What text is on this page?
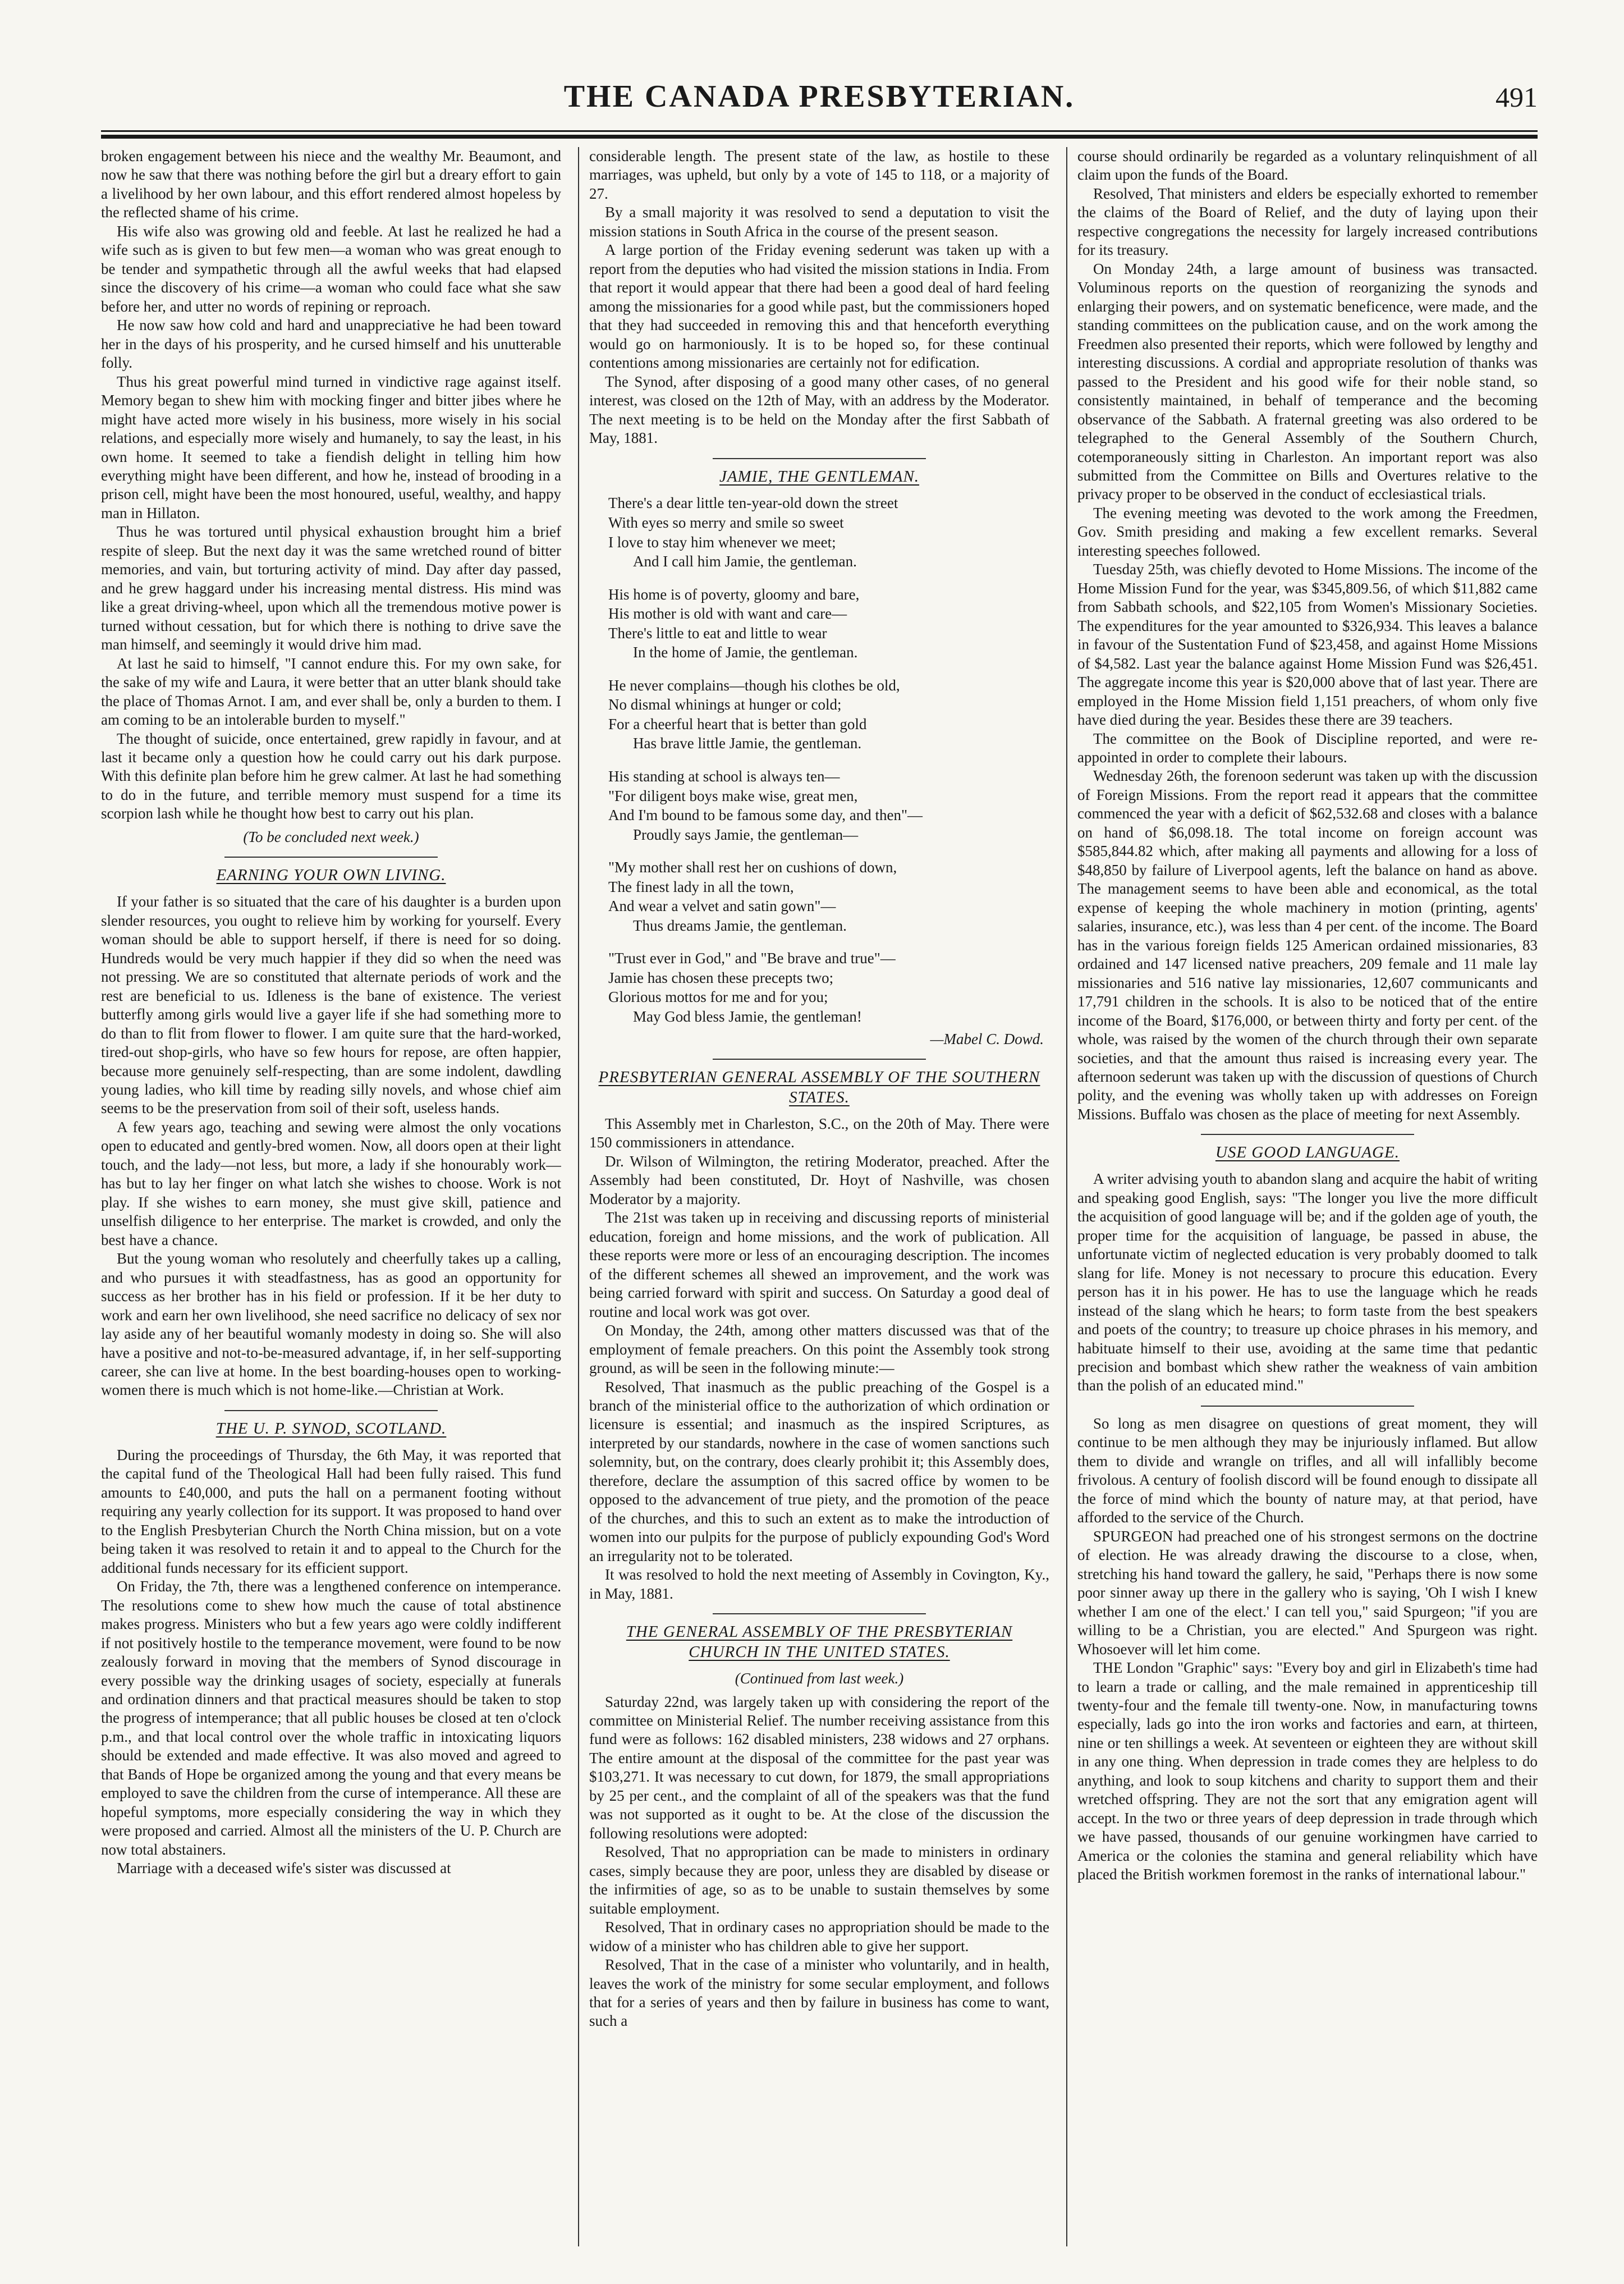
THE CANADA PRESBYTERIAN.	491

broken engagement between his niece and the wealthy Mr. Beaumont, and now he saw that there was nothing before the girl but a dreary effort to gain a livelihood by her own labour, and this effort rendered almost hopeless by the reflected shame of his crime.

His wife also was growing old and feeble. At last he realized he had a wife such as is given to but few men—a woman who was great enough to be tender and sympathetic through all the awful weeks that had elapsed since the discovery of his crime—a woman who could face what she saw before her, and utter no words of repining or reproach.

He now saw how cold and hard and unappreciative he had been toward her in the days of his prosperity, and he cursed himself and his unutterable folly.

Thus his great powerful mind turned in vindictive rage against itself. Memory began to shew him with mocking finger and bitter jibes where he might have acted more wisely in his business, more wisely in his social relations, and especially more wisely and humanely, to say the least, in his own home. It seemed to take a fiendish delight in telling him how everything might have been different, and how he, instead of brooding in a prison cell, might have been the most honoured, useful, wealthy, and happy man in Hillaton.

Thus he was tortured until physical exhaustion brought him a brief respite of sleep. But the next day it was the same wretched round of bitter memories, and vain, but torturing activity of mind. Day after day passed, and he grew haggard under his increasing mental distress. His mind was like a great driving-wheel, upon which all the tremendous motive power is turned without cessation, but for which there is nothing to drive save the man himself, and seemingly it would drive him mad.

At last he said to himself, "I cannot endure this. For my own sake, for the sake of my wife and Laura, it were better that an utter blank should take the place of Thomas Arnot. I am, and ever shall be, only a burden to them. I am coming to be an intolerable burden to myself."

The thought of suicide, once entertained, grew rapidly in favour, and at last it became only a question how he could carry out his dark purpose. With this definite plan before him he grew calmer. At last he had something to do in the future, and terrible memory must suspend for a time its scorpion lash while he thought how best to carry out his plan.

(To be concluded next week.)
EARNING YOUR OWN LIVING.

If your father is so situated that the care of his daughter is a burden upon slender resources, you ought to relieve him by working for yourself. Every woman should be able to support herself, if there is need for so doing. Hundreds would be very much happier if they did so when the need was not pressing. We are so constituted that alternate periods of work and the rest are beneficial to us. Idleness is the bane of existence. The veriest butterfly among girls would live a gayer life if she had something more to do than to flit from flower to flower. I am quite sure that the hard-worked, tired-out shop-girls, who have so few hours for repose, are often happier, because more genuinely self-respecting, than are some indolent, dawdling young ladies, who kill time by reading silly novels, and whose chief aim seems to be the preservation from soil of their soft, useless hands.

A few years ago, teaching and sewing were almost the only vocations open to educated and gently-bred women. Now, all doors open at their light touch, and the lady—not less, but more, a lady if she honourably work—has but to lay her finger on what latch she wishes to choose. Work is not play. If she wishes to earn money, she must give skill, patience and unselfish diligence to her enterprise. The market is crowded, and only the best have a chance.

But the young woman who resolutely and cheerfully takes up a calling, and who pursues it with steadfastness, has as good an opportunity for success as her brother has in his field or profession. If it be her duty to work and earn her own livelihood, she need sacrifice no delicacy of sex nor lay aside any of her beautiful womanly modesty in doing so. She will also have a positive and not-to-be-measured advantage, if, in her self-supporting career, she can live at home. In the best boarding-houses open to working-women there is much which is not home-like.—Christian at Work.

THE U. P. SYNOD, SCOTLAND.

During the proceedings of Thursday, the 6th May, it was reported that the capital fund of the Theological Hall had been fully raised. This fund amounts to £40,000, and puts the hall on a permanent footing without requiring any yearly collection for its support. It was proposed to hand over to the English Presbyterian Church the North China mission, but on a vote being taken it was resolved to retain it and to appeal to the Church for the additional funds necessary for its efficient support.

On Friday, the 7th, there was a lengthened conference on intemperance. The resolutions come to shew how much the cause of total abstinence makes progress. Ministers who but a few years ago were coldly indifferent if not positively hostile to the temperance movement, were found to be now zealously forward in moving that the members of Synod discourage in every possible way the drinking usages of society, especially at funerals and ordination dinners and that practical measures should be taken to stop the progress of intemperance; that all public houses be closed at ten o'clock p.m., and that local control over the whole traffic in intoxicating liquors should be extended and made effective. It was also moved and agreed to that Bands of Hope be organized among the young and that every means be employed to save the children from the curse of intemperance. All these are hopeful symptoms, more especially considering the way in which they were proposed and carried. Almost all the ministers of the U. P. Church are now total abstainers.

Marriage with a deceased wife's sister was discussed at

considerable length. The present state of the law, as hostile to these marriages, was upheld, but only by a vote of 145 to 118, or a majority of 27.

By a small majority it was resolved to send a deputation to visit the mission stations in South Africa in the course of the present season.

A large portion of the Friday evening sederunt was taken up with a report from the deputies who had visited the mission stations in India. From that report it would appear that there had been a good deal of hard feeling among the missionaries for a good while past, but the commissioners hoped that they had succeeded in removing this and that henceforth everything would go on harmoniously. It is to be hoped so, for these continual contentions among missionaries are certainly not for edification.

The Synod, after disposing of a good many other cases, of no general interest, was closed on the 12th of May, with an address by the Moderator. The next meeting is to be held on the Monday after the first Sabbath of May, 1881.

JAMIE, THE GENTLEMAN.
There's a dear little ten-year-old down the street
With eyes so merry and smile so sweet
I love to stay him whenever we meet;
And I call him Jamie, the gentleman.
His home is of poverty, gloomy and bare,
His mother is old with want and care—
There's little to eat and little to wear
In the home of Jamie, the gentleman.
He never complains—though his clothes be old,
No dismal whinings at hunger or cold;
For a cheerful heart that is better than gold
Has brave little Jamie, the gentleman.
His standing at school is always ten—
"For diligent boys make wise, great men,
And I'm bound to be famous some day, and then"—
Proudly says Jamie, the gentleman—
"My mother shall rest her on cushions of down,
The finest lady in all the town,
And wear a velvet and satin gown"—
Thus dreams Jamie, the gentleman.
"Trust ever in God," and "Be brave and true"—
Jamie has chosen these precepts two;
Glorious mottos for me and for you;
May God bless Jamie, the gentleman!
—Mabel C. Dowd.
PRESBYTERIAN GENERAL ASSEMBLY OF THE SOUTHERN STATES.

This Assembly met in Charleston, S.C., on the 20th of May. There were 150 commissioners in attendance.

Dr. Wilson of Wilmington, the retiring Moderator, preached. After the Assembly had been constituted, Dr. Hoyt of Nashville, was chosen Moderator by a majority.

The 21st was taken up in receiving and discussing reports of ministerial education, foreign and home missions, and the work of publication. All these reports were more or less of an encouraging description. The incomes of the different schemes all shewed an improvement, and the work was being carried forward with spirit and success. On Saturday a good deal of routine and local work was got over.

On Monday, the 24th, among other matters discussed was that of the employment of female preachers. On this point the Assembly took strong ground, as will be seen in the following minute:—

Resolved, That inasmuch as the public preaching of the Gospel is a branch of the ministerial office to the authorization of which ordination or licensure is essential; and inasmuch as the inspired Scriptures, as interpreted by our standards, nowhere in the case of women sanctions such solemnity, but, on the contrary, does clearly prohibit it; this Assembly does, therefore, declare the assumption of this sacred office by women to be opposed to the advancement of true piety, and the promotion of the peace of the churches, and this to such an extent as to make the introduction of women into our pulpits for the purpose of publicly expounding God's Word an irregularity not to be tolerated.

It was resolved to hold the next meeting of Assembly in Covington, Ky., in May, 1881.

THE GENERAL ASSEMBLY OF THE PRESBYTERIAN CHURCH IN THE UNITED STATES.
(Continued from last week.)

Saturday 22nd, was largely taken up with considering the report of the committee on Ministerial Relief. The number receiving assistance from this fund were as follows: 162 disabled ministers, 238 widows and 27 orphans. The entire amount at the disposal of the committee for the past year was $103,271. It was necessary to cut down, for 1879, the small appropriations by 25 per cent., and the complaint of all of the speakers was that the fund was not supported as it ought to be. At the close of the discussion the following resolutions were adopted:

Resolved, That no appropriation can be made to ministers in ordinary cases, simply because they are poor, unless they are disabled by disease or the infirmities of age, so as to be unable to sustain themselves by some suitable employment.

Resolved, That in ordinary cases no appropriation should be made to the widow of a minister who has children able to give her support.

Resolved, That in the case of a minister who voluntarily, and in health, leaves the work of the ministry for some secular employment, and follows that for a series of years and then by failure in business has come to want, such a

course should ordinarily be regarded as a voluntary relinquishment of all claim upon the funds of the Board.

Resolved, That ministers and elders be especially exhorted to remember the claims of the Board of Relief, and the duty of laying upon their respective congregations the necessity for largely increased contributions for its treasury.

On Monday 24th, a large amount of business was transacted. Voluminous reports on the question of reorganizing the synods and enlarging their powers, and on systematic beneficence, were made, and the standing committees on the publication cause, and on the work among the Freedmen also presented their reports, which were followed by lengthy and interesting discussions. A cordial and appropriate resolution of thanks was passed to the President and his good wife for their noble stand, so consistently maintained, in behalf of temperance and the becoming observance of the Sabbath. A fraternal greeting was also ordered to be telegraphed to the General Assembly of the Southern Church, cotemporaneously sitting in Charleston. An important report was also submitted from the Committee on Bills and Overtures relative to the privacy proper to be observed in the conduct of ecclesiastical trials.

The evening meeting was devoted to the work among the Freedmen, Gov. Smith presiding and making a few excellent remarks. Several interesting speeches followed.

Tuesday 25th, was chiefly devoted to Home Missions. The income of the Home Mission Fund for the year, was $345,809.56, of which $11,882 came from Sabbath schools, and $22,105 from Women's Missionary Societies. The expenditures for the year amounted to $326,934. This leaves a balance in favour of the Sustentation Fund of $23,458, and against Home Missions of $4,582. Last year the balance against Home Mission Fund was $26,451. The aggregate income this year is $20,000 above that of last year. There are employed in the Home Mission field 1,151 preachers, of whom only five have died during the year. Besides these there are 39 teachers.

The committee on the Book of Discipline reported, and were re-appointed in order to complete their labours.

Wednesday 26th, the forenoon sederunt was taken up with the discussion of Foreign Missions. From the report read it appears that the committee commenced the year with a deficit of $62,532.68 and closes with a balance on hand of $6,098.18. The total income on foreign account was $585,844.82 which, after making all payments and allowing for a loss of $48,850 by failure of Liverpool agents, left the balance on hand as above. The management seems to have been able and economical, as the total expense of keeping the whole machinery in motion (printing, agents' salaries, insurance, etc.), was less than 4 per cent. of the income. The Board has in the various foreign fields 125 American ordained missionaries, 83 ordained and 147 licensed native preachers, 209 female and 11 male lay missionaries and 516 native lay missionaries, 12,607 communicants and 17,791 children in the schools. It is also to be noticed that of the entire income of the Board, $176,000, or between thirty and forty per cent. of the whole, was raised by the women of the church through their own separate societies, and that the amount thus raised is increasing every year. The afternoon sederunt was taken up with the discussion of questions of Church polity, and the evening was wholly taken up with addresses on Foreign Missions. Buffalo was chosen as the place of meeting for next Assembly.

USE GOOD LANGUAGE.

A writer advising youth to abandon slang and acquire the habit of writing and speaking good English, says: "The longer you live the more difficult the acquisition of good language will be; and if the golden age of youth, the proper time for the acquisition of language, be passed in abuse, the unfortunate victim of neglected education is very probably doomed to talk slang for life. Money is not necessary to procure this education. Every person has it in his power. He has to use the language which he reads instead of the slang which he hears; to form taste from the best speakers and poets of the country; to treasure up choice phrases in his memory, and habituate himself to their use, avoiding at the same time that pedantic precision and bombast which shew rather the weakness of vain ambition than the polish of an educated mind."

So long as men disagree on questions of great moment, they will continue to be men although they may be injuriously inflamed. But allow them to divide and wrangle on trifles, and all will infallibly become frivolous. A century of foolish discord will be found enough to dissipate all the force of mind which the bounty of nature may, at that period, have afforded to the service of the Church.

SPURGEON had preached one of his strongest sermons on the doctrine of election. He was already drawing the discourse to a close, when, stretching his hand toward the gallery, he said, "Perhaps there is now some poor sinner away up there in the gallery who is saying, 'Oh I wish I knew whether I am one of the elect.' I can tell you," said Spurgeon; "if you are willing to be a Christian, you are elected." And Spurgeon was right. Whosoever will let him come.

THE London "Graphic" says: "Every boy and girl in Elizabeth's time had to learn a trade or calling, and the male remained in apprenticeship till twenty-four and the female till twenty-one. Now, in manufacturing towns especially, lads go into the iron works and factories and earn, at thirteen, nine or ten shillings a week. At seventeen or eighteen they are without skill in any one thing. When depression in trade comes they are helpless to do anything, and look to soup kitchens and charity to support them and their wretched offspring. They are not the sort that any emigration agent will accept. In the two or three years of deep depression in trade through which we have passed, thousands of our genuine workingmen have carried to America or the colonies the stamina and general reliability which have placed the British workmen foremost in the ranks of international labour."
